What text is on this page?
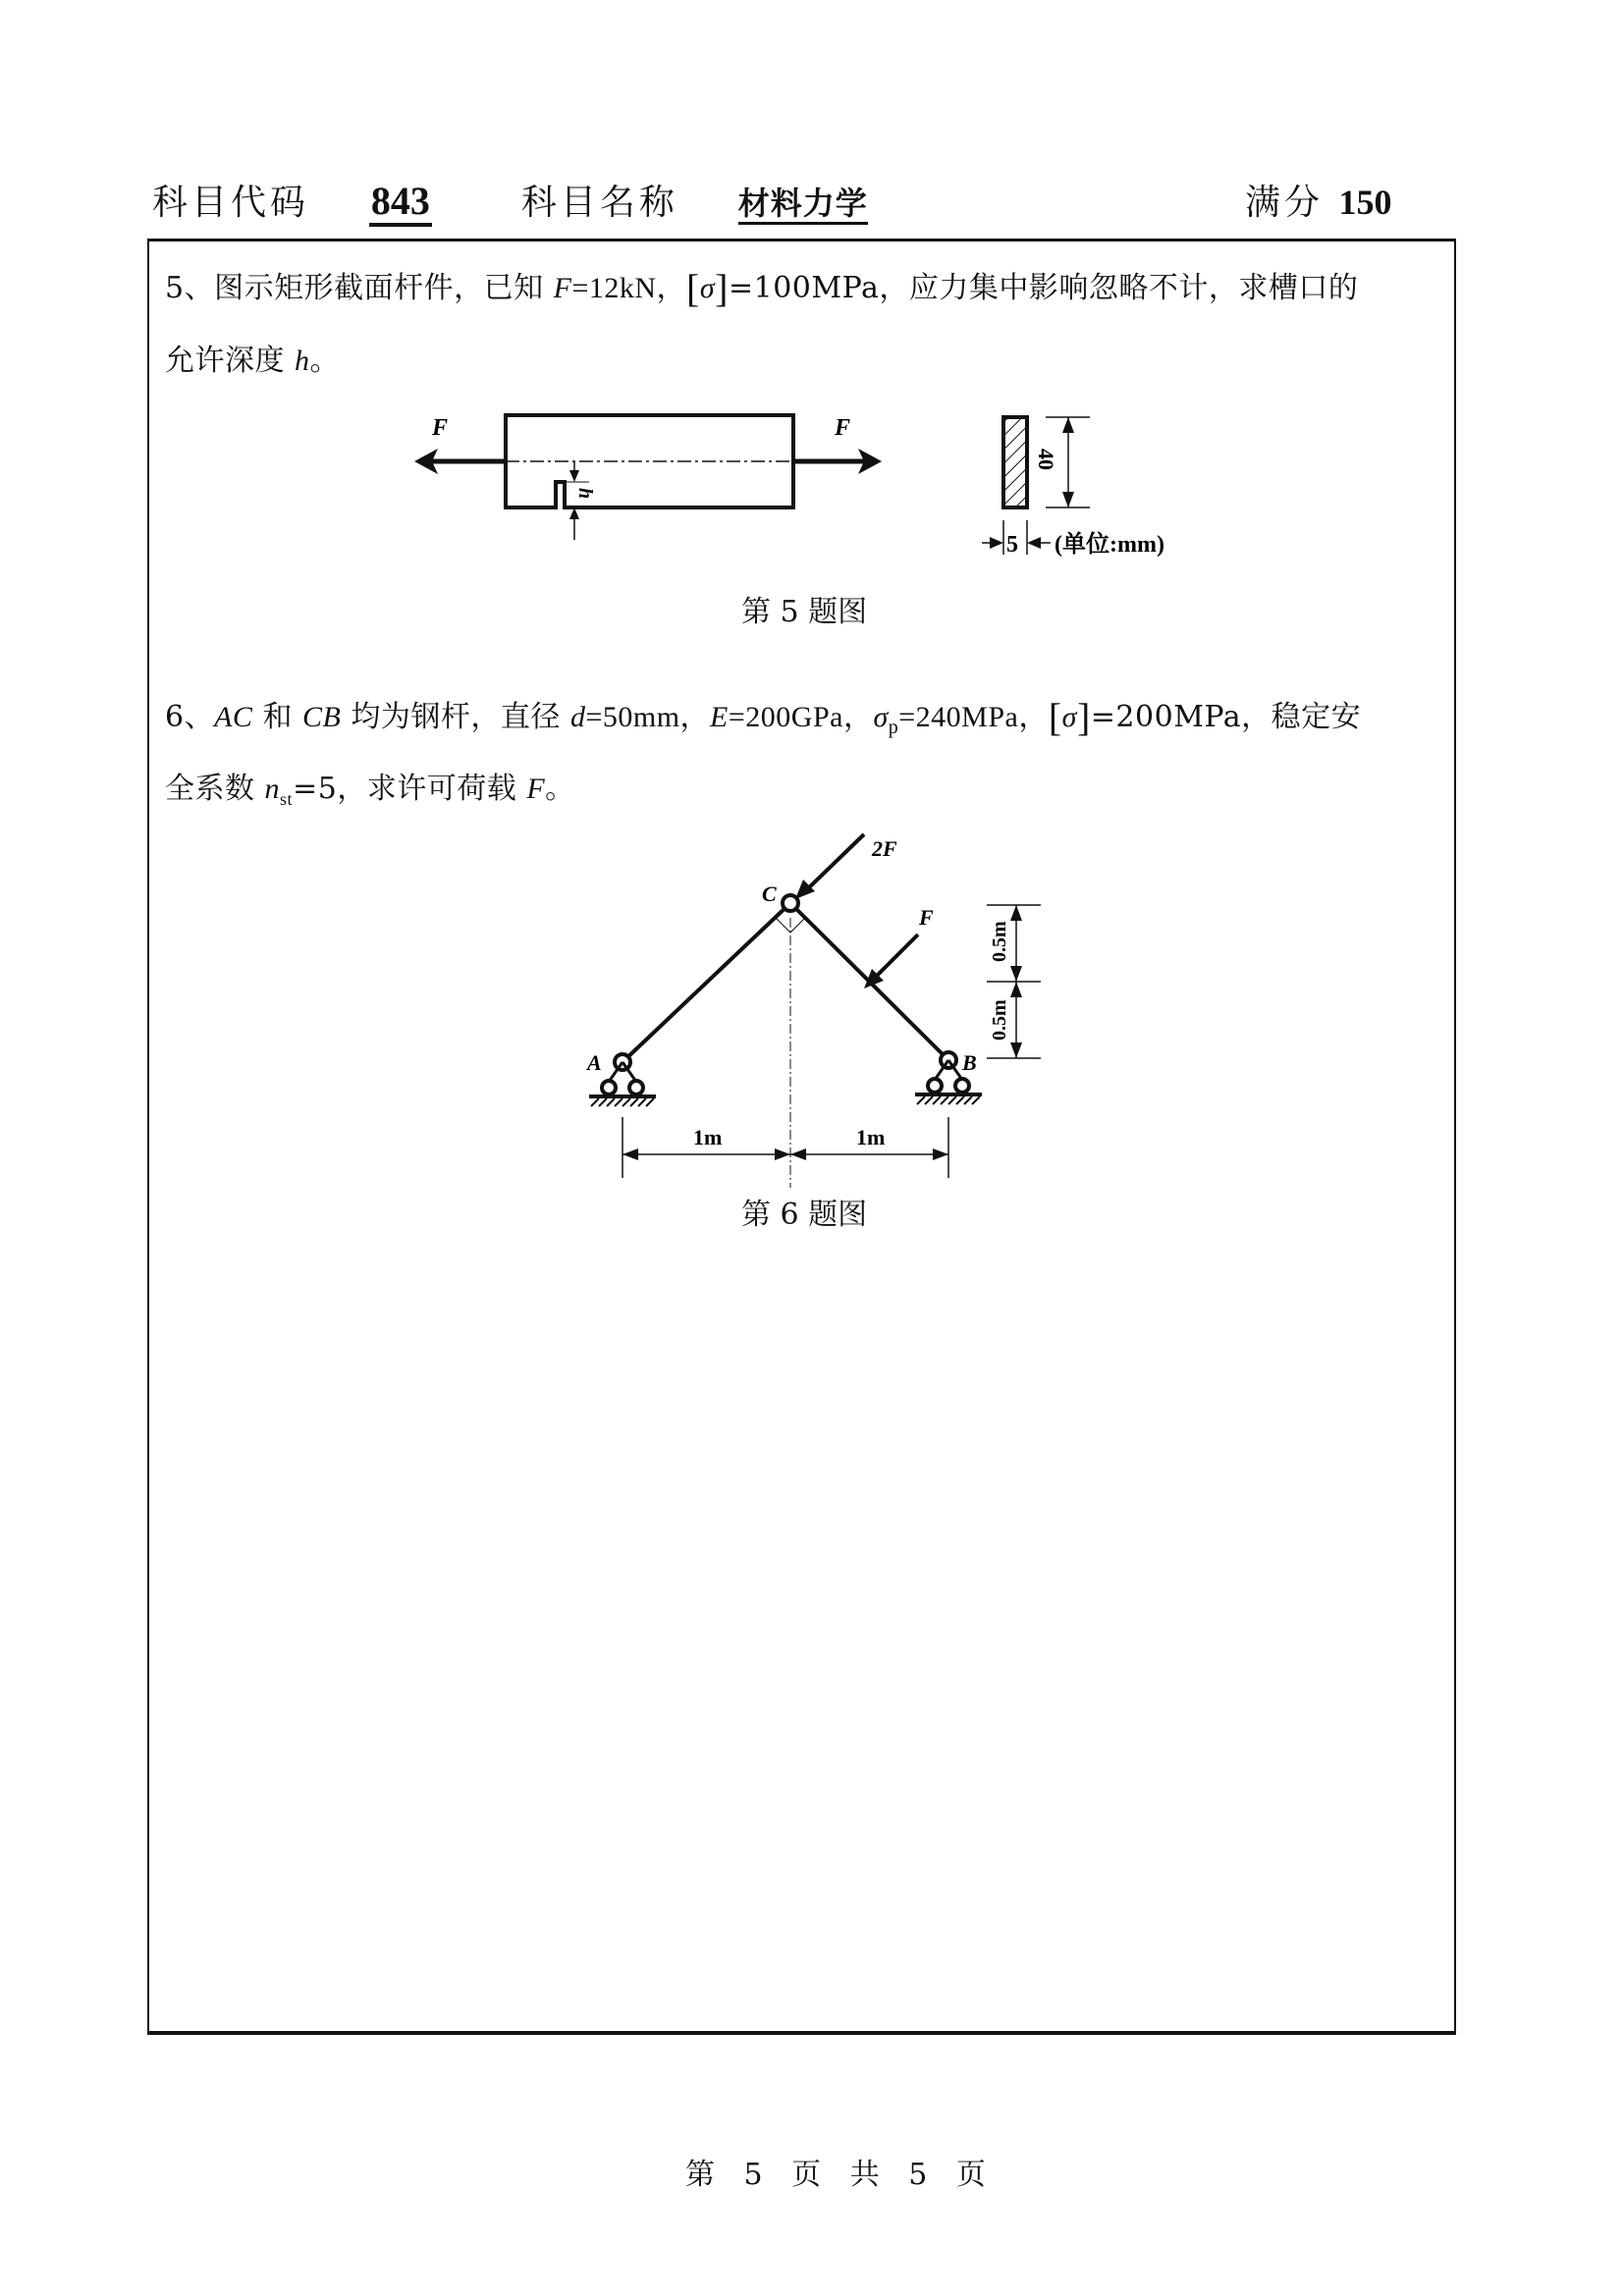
科目代码 843	科目名称 材料力学	满分 150
5、图示矩形截面杆件，已知 F=12kN，[σ]=100MPa，应力集中影响忽略不计，求槽口的
允许深度 h。
F	F
h
40
5 (单位:mm)
第 5 题图
6、AC 和 CB 均为钢杆，直径 d=50mm，E=200GPa，$\sigma_p=240MPa$，[σ]=200MPa，稳定安
全系数 $n_{st}=5$，求许可荷载 F。
2F
F
C
A	B
0.5m
0.5m
1m	1m
第 6 题图
第 5 页 共 5 页
